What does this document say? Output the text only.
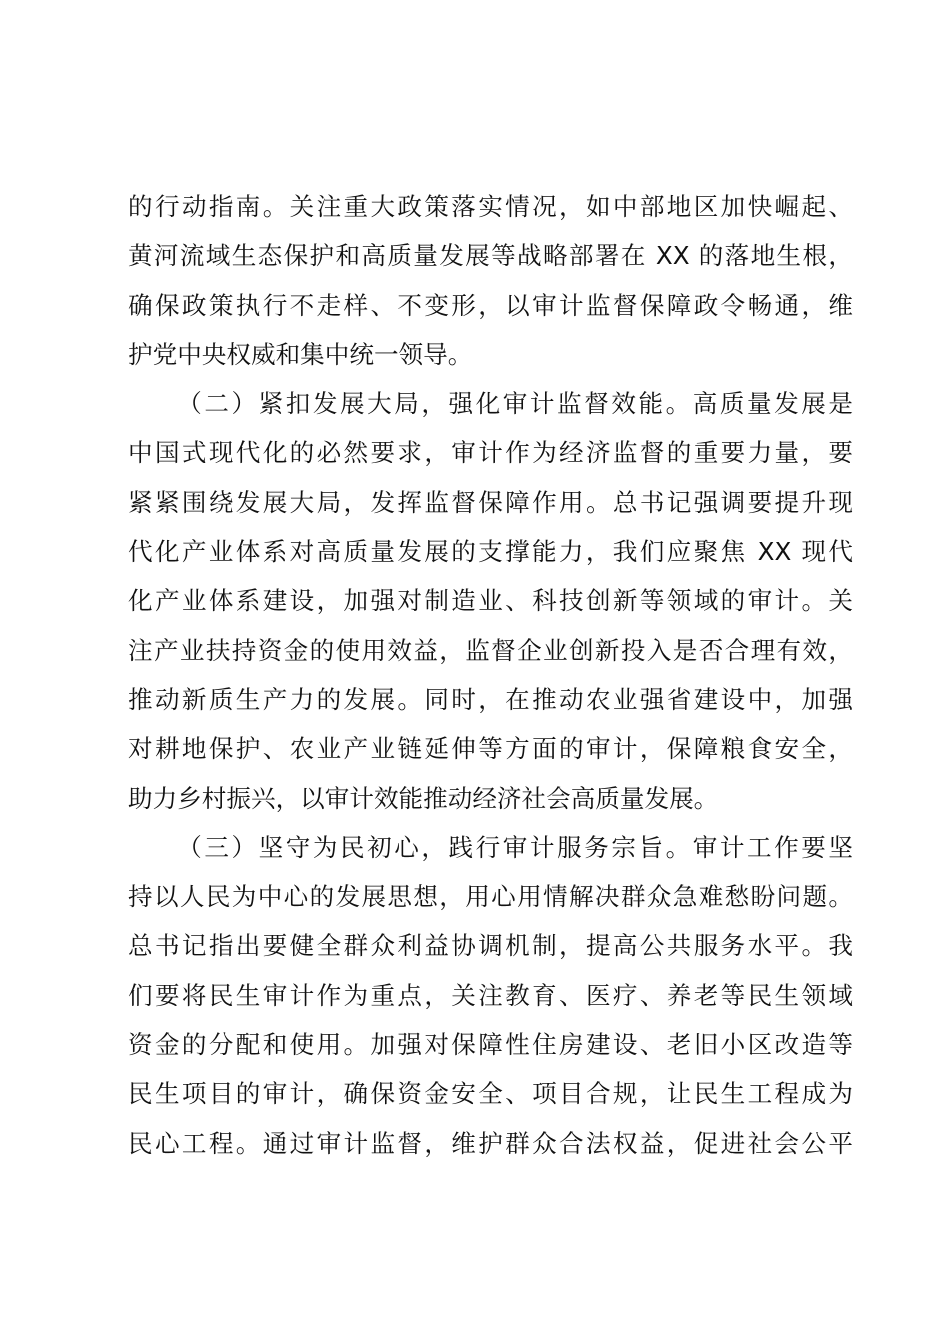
的行动指南。关注重大政策落实情况，如中部地区加快崛起、
黄河流域生态保护和高质量发展等战略部署在 XX 的落地生根，
确保政策执行不走样、不变形，以审计监督保障政令畅通，维
护党中央权威和集中统一领导。

（二）紧扣发展大局，强化审计监督效能。高质量发展是
中国式现代化的必然要求，审计作为经济监督的重要力量，要
紧紧围绕发展大局，发挥监督保障作用。总书记强调要提升现
代化产业体系对高质量发展的支撑能力，我们应聚焦 XX 现代
化产业体系建设，加强对制造业、科技创新等领域的审计。关
注产业扶持资金的使用效益，监督企业创新投入是否合理有效，
推动新质生产力的发展。同时，在推动农业强省建设中，加强
对耕地保护、农业产业链延伸等方面的审计，保障粮食安全，
助力乡村振兴，以审计效能推动经济社会高质量发展。

（三）坚守为民初心，践行审计服务宗旨。审计工作要坚
持以人民为中心的发展思想，用心用情解决群众急难愁盼问题。
总书记指出要健全群众利益协调机制，提高公共服务水平。我
们要将民生审计作为重点，关注教育、医疗、养老等民生领域
资金的分配和使用。加强对保障性住房建设、老旧小区改造等
民生项目的审计，确保资金安全、项目合规，让民生工程成为
民心工程。通过审计监督，维护群众合法权益，促进社会公平
